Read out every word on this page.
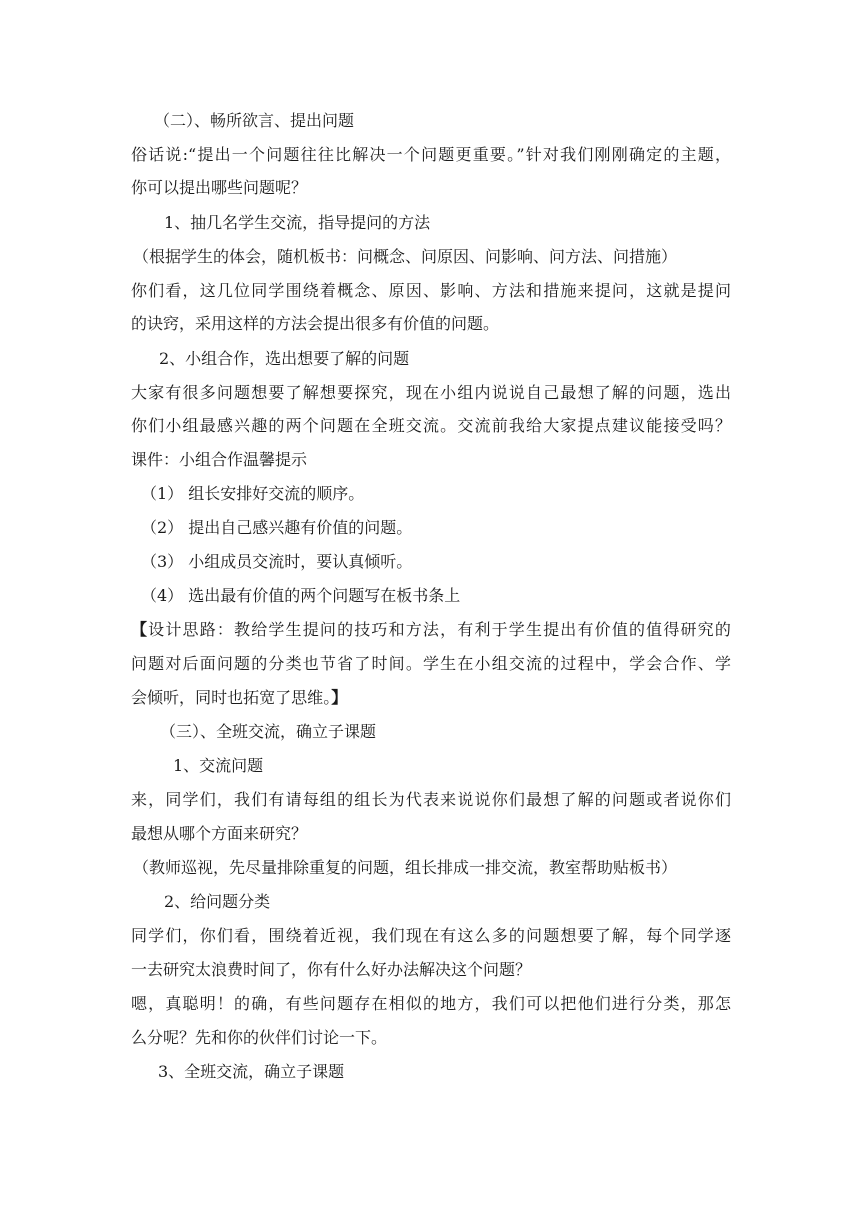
（二）、畅所欲言、提出问题
俗话说:“提出一个问题往往比解决一个问题更重要。”针对我们刚刚确定的主题，
你可以提出哪些问题呢？
1、抽几名学生交流，指导提问的方法
（根据学生的体会，随机板书：问概念、问原因、问影响、问方法、问措施）
你们看，这几位同学围绕着概念、原因、影响、方法和措施来提问，这就是提问
的诀窍，采用这样的方法会提出很多有价值的问题。
2、小组合作，选出想要了解的问题
大家有很多问题想要了解想要探究，现在小组内说说自己最想了解的问题，选出
你们小组最感兴趣的两个问题在全班交流。交流前我给大家提点建议能接受吗？
课件：小组合作温馨提示
（1） 组长安排好交流的顺序。
（2） 提出自己感兴趣有价值的问题。
（3） 小组成员交流时，要认真倾听。
（4） 选出最有价值的两个问题写在板书条上
【设计思路：教给学生提问的技巧和方法，有利于学生提出有价值的值得研究的
问题对后面问题的分类也节省了时间。学生在小组交流的过程中，学会合作、学
会倾听，同时也拓宽了思维。】
（三）、全班交流，确立子课题
1、交流问题
来，同学们，我们有请每组的组长为代表来说说你们最想了解的问题或者说你们
最想从哪个方面来研究？
（教师巡视，先尽量排除重复的问题，组长排成一排交流，教室帮助贴板书）
2、给问题分类
同学们，你们看，围绕着近视，我们现在有这么多的问题想要了解，每个同学逐
一去研究太浪费时间了，你有什么好办法解决这个问题？
嗯，真聪明！的确，有些问题存在相似的地方，我们可以把他们进行分类，那怎
么分呢？先和你的伙伴们讨论一下。
3、全班交流，确立子课题
